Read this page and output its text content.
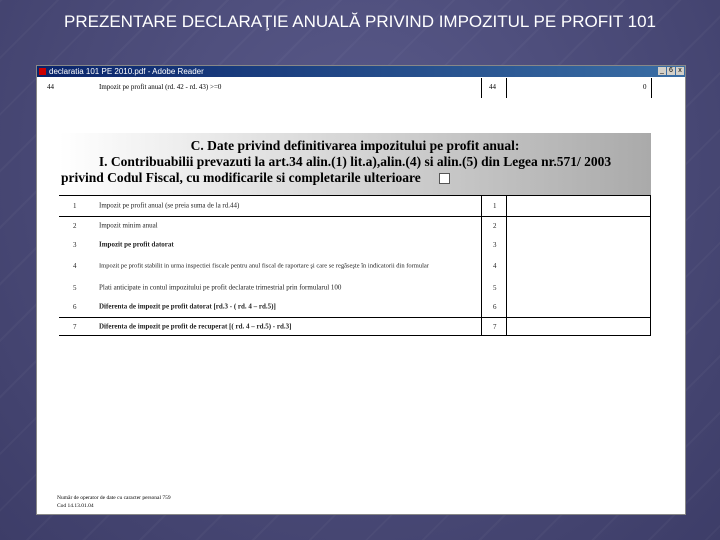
PREZENTARE DECLARAŢIE ANUALĂ PRIVIND IMPOZITUL PE PROFIT 101
declaratia 101 PE 2010.pdf - Adobe Reader	_ 6 x
44	Impozit pe profit anual (rd. 42 - rd. 43) >=0	44	0
C. Date privind definitivarea impozitului pe profit anual:
I. Contribuabilii prevazuti la art.34 alin.(1) lit.a),alin.(4) si alin.(5) din Legea nr.571/ 2003
privind Codul Fiscal, cu modificarile si completarile ulterioare
1	Impozit pe profit anual (se preia suma de la rd.44)	1
2	Impozit minim anual	2
3	Impozit pe profit datorat	3
4	Impozit pe profit stabilit in urma inspectiei fiscale pentru anul fiscal de raportare şi care se regăseşte în indicatorii din formular	4
5	Plati anticipate in contul impozitului pe profit declarate trimestrial prin formularul 100	5
6	Diferenta de impozit pe profit datorat [rd.3 - ( rd. 4 – rd.5)]	6
7	Diferenta de impozit pe profit de recuperat [( rd. 4 – rd.5) - rd.3]	7
Numãr de operator de date cu caracter personal 759
Cod 14.13.01.04
